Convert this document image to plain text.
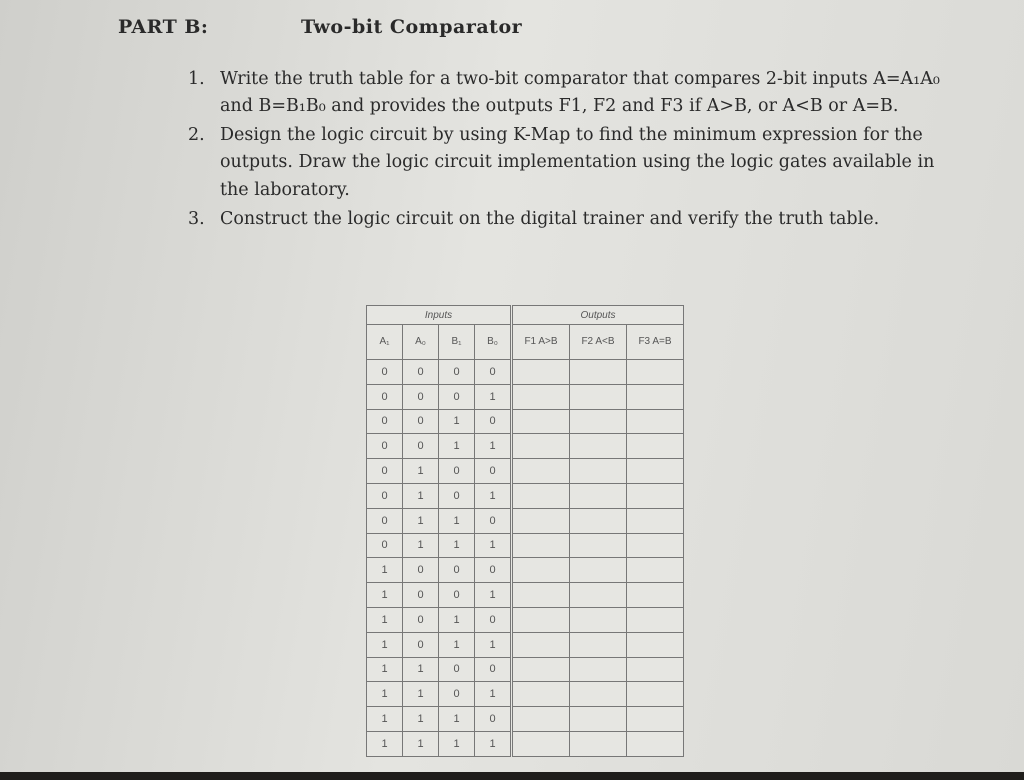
PART B:	Two-bit Comparator
1. Write the truth table for a two-bit comparator that compares 2-bit inputs A=A₁A₀ and B=B₁B₀ and provides the outputs F1, F2 and F3 if A>B, or A<B or A=B.
2. Design the logic circuit by using K-Map to find the minimum expression for the outputs. Draw the logic circuit implementation using the logic gates available in the laboratory.
3. Construct the logic circuit on the digital trainer and verify the truth table.
Inputs				Outputs		
A₁	A₀	B₁	B₀	F1 A>B	F2 A<B	F3 A=B
0	0	0	0			
0	0	0	1			
0	0	1	0			
0	0	1	1			
0	1	0	0			
0	1	0	1			
0	1	1	0			
0	1	1	1			
1	0	0	0			
1	0	0	1			
1	0	1	0			
1	0	1	1			
1	1	0	0			
1	1	0	1			
1	1	1	0			
1	1	1	1			
